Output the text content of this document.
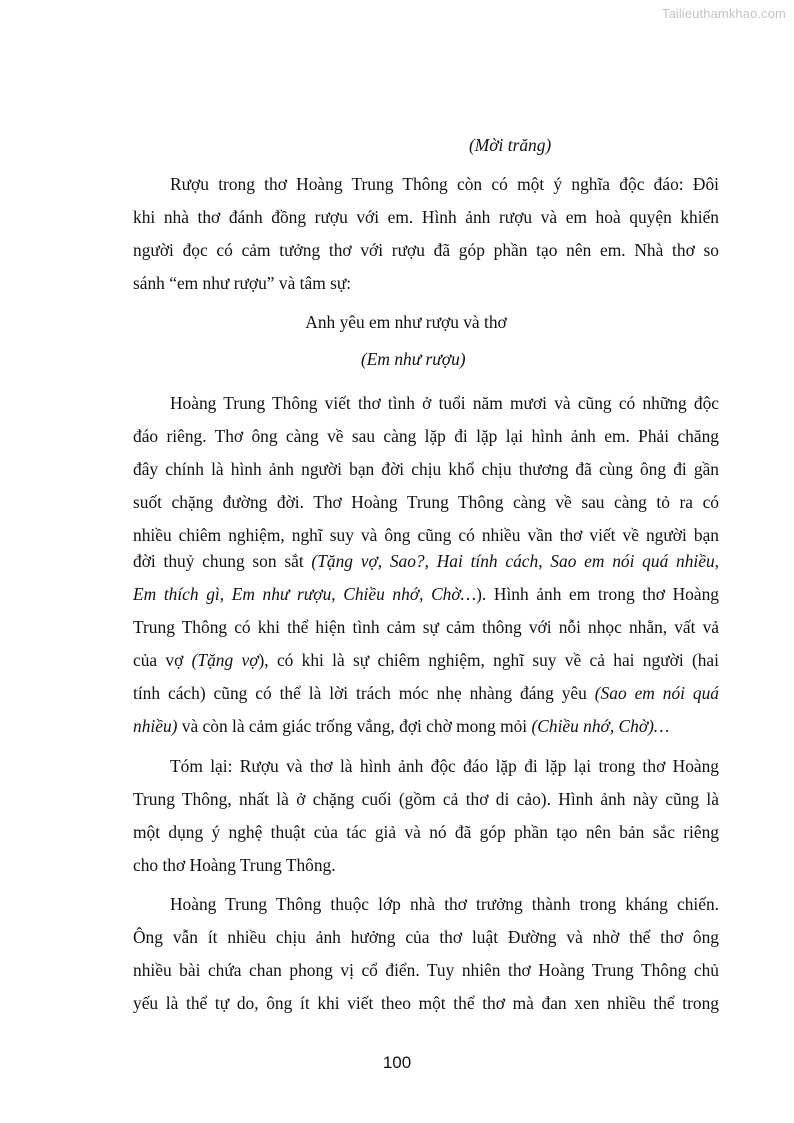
Tailieuthamkhao.com
(Mời trăng)
Rượu trong thơ Hoàng Trung Thông còn có một ý nghĩa độc đáo: Đôi
khi nhà thơ đánh đồng rượu với em. Hình ảnh rượu và em hoà quyện khiến
người đọc có cảm tưởng thơ với rượu đã góp phần tạo nên em. Nhà thơ so
sánh “em như rượu” và tâm sự:
Anh yêu em như rượu và thơ
(Em như rượu)
Hoàng Trung Thông viết thơ tình ở tuổi năm mươi và cũng có những độc
đáo riêng. Thơ ông càng về sau càng lặp đi lặp lại hình ảnh em. Phải chăng
đây chính là hình ảnh người bạn đời chịu khổ chịu thương đã cùng ông đi gần
suốt chặng đường đời. Thơ Hoàng Trung Thông càng về sau càng tỏ ra có
nhiều chiêm nghiệm, nghĩ suy và ông cũng có nhiều vần thơ viết về người bạn
đời thuỷ chung son sắt (Tặng vợ, Sao?, Hai tính cách, Sao em nói quá nhiều,
Em thích gì, Em như rượu, Chiều nhớ, Chờ…). Hình ảnh em trong thơ Hoàng
Trung Thông có khi thể hiện tình cảm sự cảm thông với nỗi nhọc nhằn, vất vả
của vợ (Tặng vợ), có khi là sự chiêm nghiệm, nghĩ suy về cả hai người (hai
tính cách) cũng có thể là lời trách móc nhẹ nhàng đáng yêu (Sao em nói quá
nhiều) và còn là cảm giác trống vắng, đợi chờ mong mỏi (Chiều nhớ, Chờ)…
Tóm lại: Rượu và thơ là hình ảnh độc đáo lặp đi lặp lại trong thơ Hoàng
Trung Thông, nhất là ở chặng cuối (gồm cả thơ di cảo). Hình ảnh này cũng là
một dụng ý nghệ thuật của tác giả và nó đã góp phần tạo nên bản sắc riêng
cho thơ Hoàng Trung Thông.
Hoàng Trung Thông thuộc lớp nhà thơ trưởng thành trong kháng chiến.
Ông vẫn ít nhiều chịu ảnh hưởng của thơ luật Đường và nhờ thế thơ ông
nhiều bài chứa chan phong vị cổ điển. Tuy nhiên thơ Hoàng Trung Thông chủ
yếu là thể tự do, ông ít khi viết theo một thể thơ mà đan xen nhiều thể trong
100
